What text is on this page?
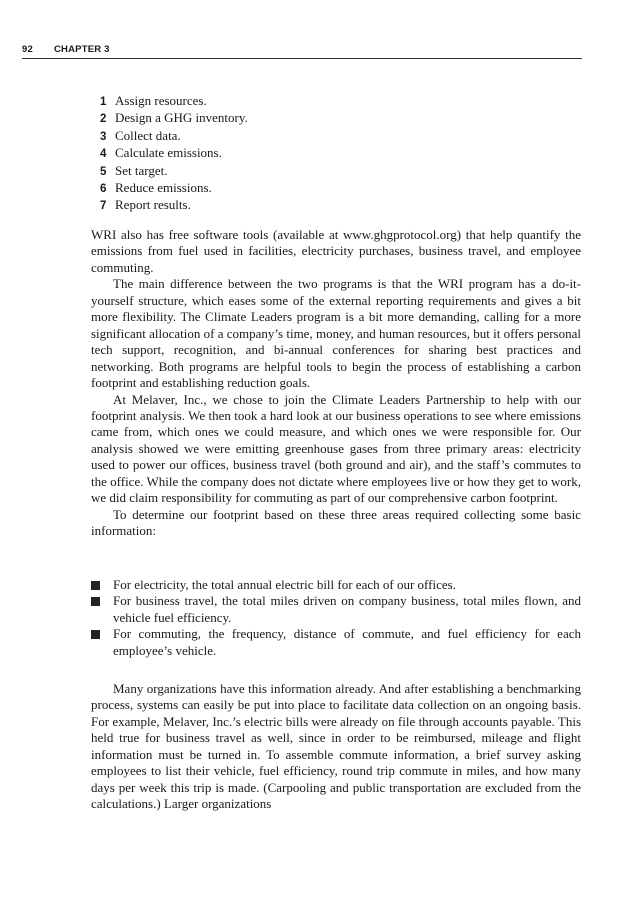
92 CHAPTER 3
1 Assign resources.
2 Design a GHG inventory.
3 Collect data.
4 Calculate emissions.
5 Set target.
6 Reduce emissions.
7 Report results.

WRI also has free software tools (available at www.ghgprotocol.org) that help quantify the emissions from fuel used in facilities, electricity purchases, business travel, and employee commuting.

The main difference between the two programs is that the WRI program has a do-it-yourself structure, which eases some of the external reporting requirements and gives a bit more flexibility. The Climate Leaders program is a bit more demanding, calling for a more significant allocation of a company’s time, money, and human resources, but it offers personal tech support, recognition, and bi-annual conferences for sharing best practices and networking. Both programs are helpful tools to begin the process of establishing a carbon footprint and establishing reduction goals.

At Melaver, Inc., we chose to join the Climate Leaders Partnership to help with our footprint analysis. We then took a hard look at our business operations to see where emissions came from, which ones we could measure, and which ones we were responsible for. Our analysis showed we were emitting greenhouse gases from three primary areas: electricity used to power our offices, business travel (both ground and air), and the staff’s commutes to the office. While the company does not dictate where employees live or how they get to work, we did claim responsibility for commuting as part of our comprehensive carbon footprint.

To determine our footprint based on these three areas required collecting some basic information:

For electricity, the total annual electric bill for each of our offices.
For business travel, the total miles driven on company business, total miles flown, and vehicle fuel efficiency.
For commuting, the frequency, distance of commute, and fuel efficiency for each employee’s vehicle.

Many organizations have this information already. And after establishing a benchmarking process, systems can easily be put into place to facilitate data collection on an ongoing basis. For example, Melaver, Inc.’s electric bills were already on file through accounts payable. This held true for business travel as well, since in order to be reimbursed, mileage and flight information must be turned in. To assemble commute information, a brief survey asking employees to list their vehicle, fuel efficiency, round trip commute in miles, and how many days per week this trip is made. (Carpooling and public transportation are excluded from the calculations.) Larger organizations
